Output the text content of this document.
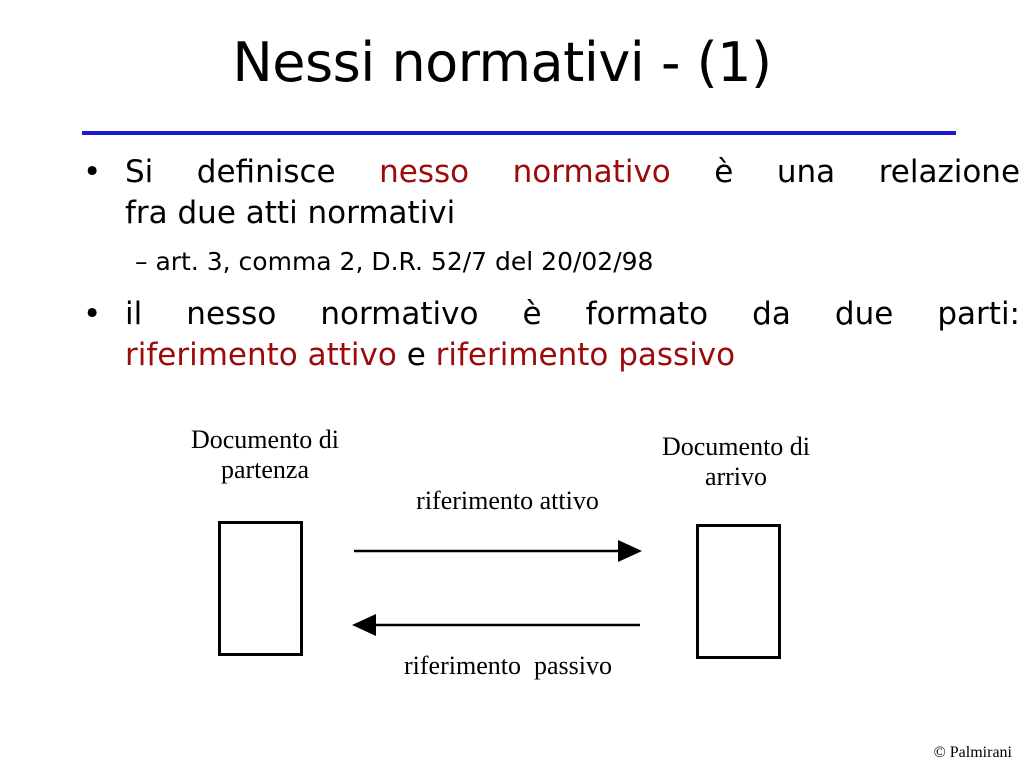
Nessi normativi - (1)
• Si definisce nesso normativo è una relazione
fra due atti normativi
– art. 3, comma 2, D.R. 52/7 del 20/02/98
• il nesso normativo è formato da due parti:
riferimento attivo e riferimento passivo
Documento di
partenza
Documento di
arrivo
riferimento attivo
riferimento  passivo
© Palmirani
